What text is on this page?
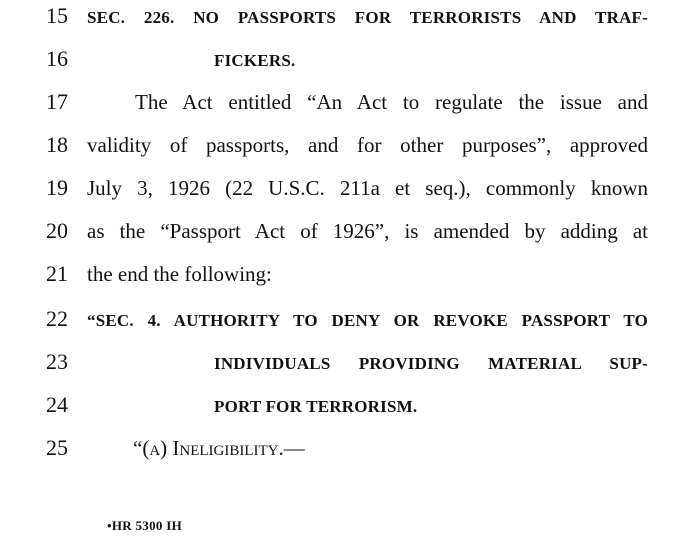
15 SEC. 226. NO PASSPORTS FOR TERRORISTS AND TRAF-
16	FICKERS.
17	The Act entitled “An Act to regulate the issue and
18 validity of passports, and for other purposes”, approved
19 July 3, 1926 (22 U.S.C. 211a et seq.), commonly known
20 as the “Passport Act of 1926”, is amended by adding at
21 the end the following:
22 “SEC. 4. AUTHORITY TO DENY OR REVOKE PASSPORT TO
23	INDIVIDUALS PROVIDING MATERIAL SUP-
24	PORT FOR TERRORISM.
25	“(a) Ineligibility.—
•HR 5300 IH
